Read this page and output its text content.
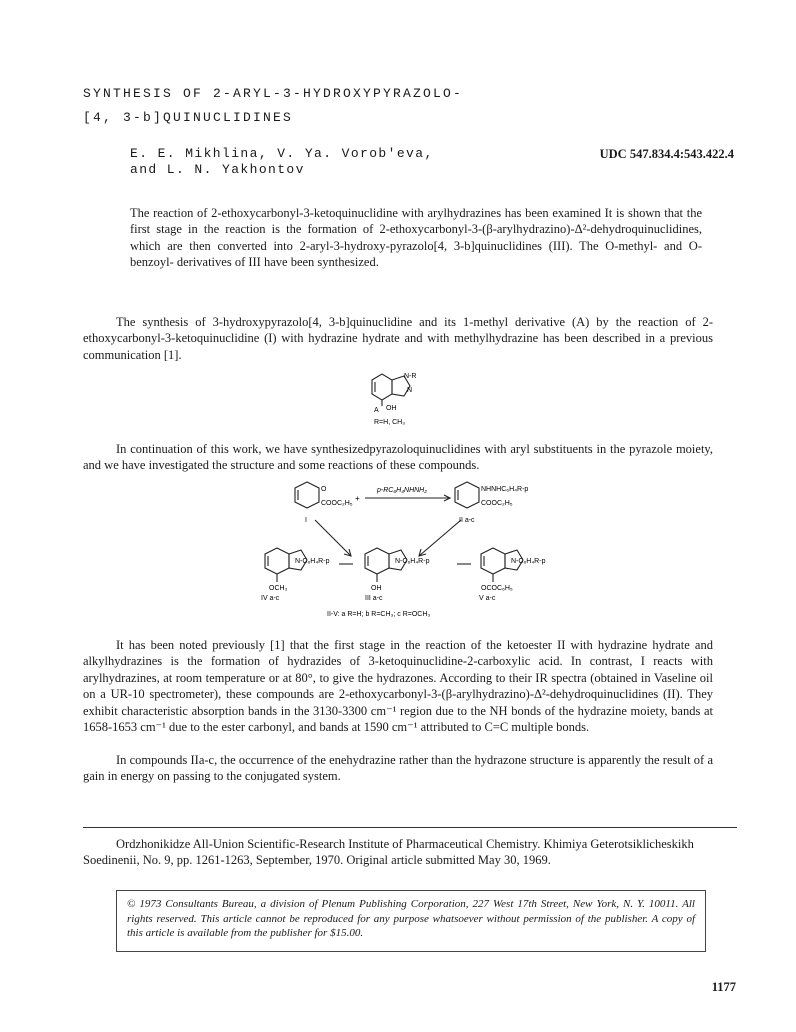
SYNTHESIS OF 2-ARYL-3-HYDROXYPYRAZOLO-
[4, 3-b]QUINUCLIDINES
E. E. Mikhlina, V. Ya. Vorob'eva,
and L. N. Yakhontov
UDC 547.834.4:543.422.4
The reaction of 2-ethoxycarbonyl-3-ketoquinuclidine with arylhydrazines has been examined It is shown that the first stage in the reaction is the formation of 2-ethoxycarbonyl-3-(β-arylhydrazino)-Δ²-dehydroquinuclidines, which are then converted into 2-aryl-3-hydroxy-pyrazolo[4, 3-b]quinuclidines (III). The O-methyl- and O-benzoyl- derivatives of III have been synthesized.
The synthesis of 3-hydroxypyrazolo[4, 3-b]quinuclidine and its 1-methyl derivative (A) by the reaction of 2-ethoxycarbonyl-3-ketoquinuclidine (I) with hydrazine hydrate and with methylhydrazine has been described in a previous communication [1].
N-R
N
A OH
R=H, CH₃
In continuation of this work, we have synthesizedpyrazoloquinuclidines with aryl substituents in the pyrazole moiety, and we have investigated the structure and some reactions of these compounds.
O
COOC₂H₅
I
+
p-RC₆H₄NHNH₂	NHNHC₆H₄R-p
COOC₂H₅
II a-c
N-C₆H₄R-p
OCH₃
IV a-c
N-C₆H₄R-p
OH
III a-c
N-C₆H₄R-p
OCOC₆H₅
V a-c
II-V: a R=H; b R=CH₃; c R=OCH₃
It has been noted previously [1] that the first stage in the reaction of the ketoester II with hydrazine hydrate and alkylhydrazines is the formation of hydrazides of 3-ketoquinuclidine-2-carboxylic acid. In contrast, I reacts with arylhydrazines, at room temperature or at 80°, to give the hydrazones. According to their IR spectra (obtained in Vaseline oil on a UR-10 spectrometer), these compounds are 2-ethoxycarbonyl-3-(β-arylhydrazino)-Δ²-dehydroquinuclidines (II). They exhibit characteristic absorption bands in the 3130-3300 cm⁻¹ region due to the NH bonds of the hydrazine moiety, bands at 1658-1653 cm⁻¹ due to the ester carbonyl, and bands at 1590 cm⁻¹ attributed to C=C multiple bonds.
In compounds IIa-c, the occurrence of the enehydrazine rather than the hydrazone structure is apparently the result of a gain in energy on passing to the conjugated system.
Ordzhonikidze All-Union Scientific-Research Institute of Pharmaceutical Chemistry. Khimiya Geterotsiklicheskikh Soedinenii, No. 9, pp. 1261-1263, September, 1970. Original article submitted May 30, 1969.
© 1973 Consultants Bureau, a division of Plenum Publishing Corporation, 227 West 17th Street, New York, N. Y. 10011. All rights reserved. This article cannot be reproduced for any purpose whatsoever without permission of the publisher. A copy of this article is available from the publisher for $15.00.
1177
